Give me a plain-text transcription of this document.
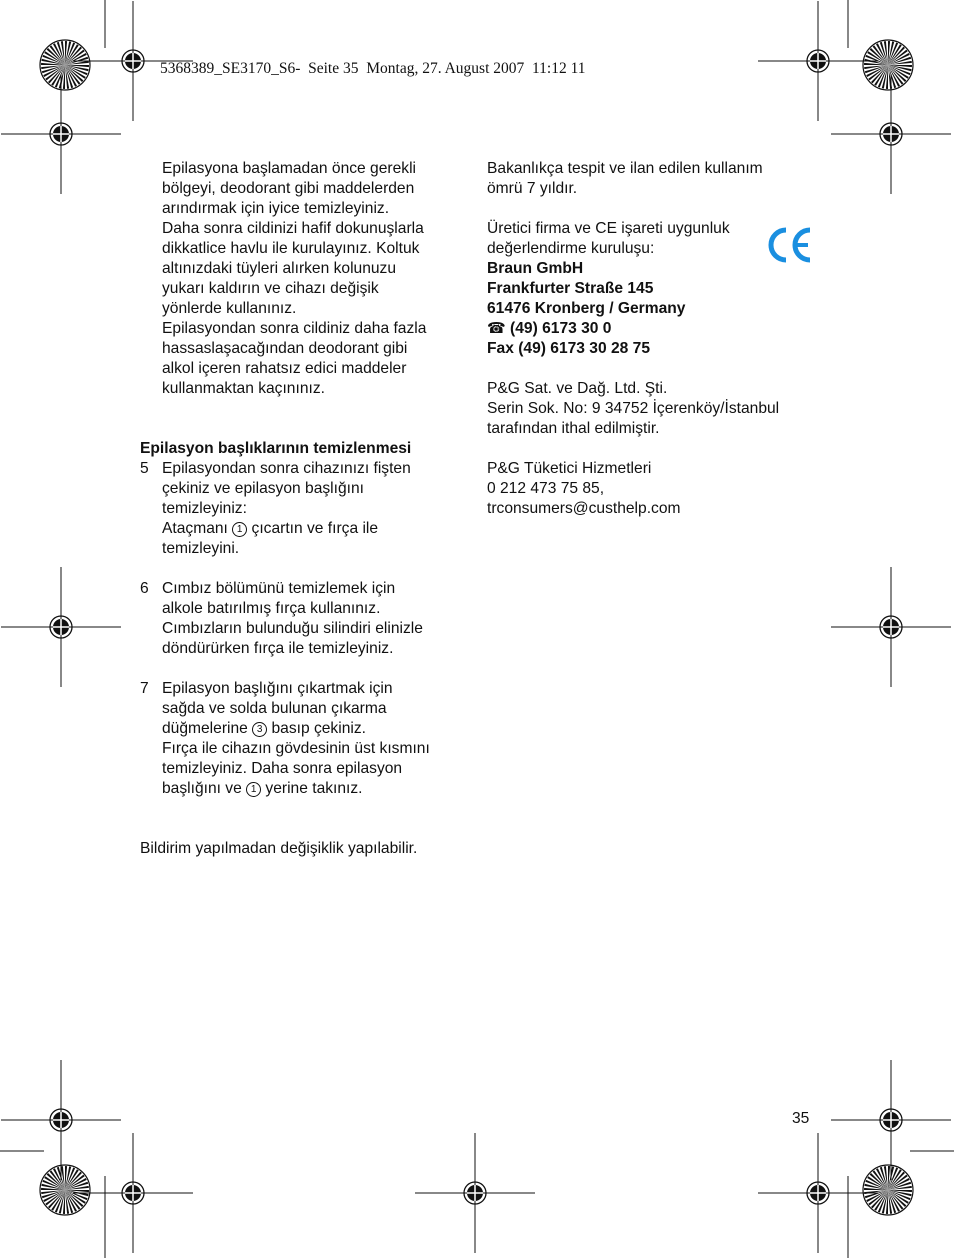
5368389_SE3170_S6-  Seite 35  Montag, 27. August 2007  11:12 11
Epilasyona başlamadan önce gerekli
bölgeyi, deodorant gibi maddelerden
arındırmak için iyice temizleyiniz.
Daha sonra cildinizi hafif dokunuşlarla
dikkatlice havlu ile kurulayınız. Koltuk
altınızdaki tüyleri alırken kolunuzu
yukarı kaldırın ve cihazı değişik
yönlerde kullanınız.
Epilasyondan sonra cildiniz daha fazla
hassaslaşacağından deodorant gibi
alkol içeren rahatsız edici maddeler
kullanmaktan kaçınınız.
Epilasyon başlıklarının temizlenmesi
5 Epilasyondan sonra cihazınızı fişten
çekiniz ve epilasyon başlığını
temizleyiniz:
Ataçmanı 1 çıcartın ve fırça ile
temizleyini.
6 Cımbız bölümünü temizlemek için
alkole batırılmış fırça kullanınız.
Cımbızların bulunduğu silindiri elinizle
döndürürken fırça ile temizleyiniz.
7 Epilasyon başlığını çıkartmak için
sağda ve solda bulunan çıkarma
düğmelerine 3 basıp çekiniz.
Fırça ile cihazın gövdesinin üst kısmını
temizleyiniz. Daha sonra epilasyon
başlığını ve 1 yerine takınız.
Bildirim yapılmadan değişiklik yapılabilir.
Bakanlıkça tespit ve ilan edilen kullanım
ömrü 7 yıldır.
Üretici firma ve CE işareti uygunluk
değerlendirme kuruluşu:
Braun GmbH
Frankfurter Straße 145
61476 Kronberg / Germany
☎ (49) 6173 30 0
Fax (49) 6173 30 28 75
P&G Sat. ve Dağ. Ltd. Şti.
Serin Sok. No: 9 34752 İçerenköy/İstanbul
tarafından ithal edilmiştir.
P&G Tüketici Hizmetleri
0 212 473 75 85,
trconsumers@custhelp.com
35
